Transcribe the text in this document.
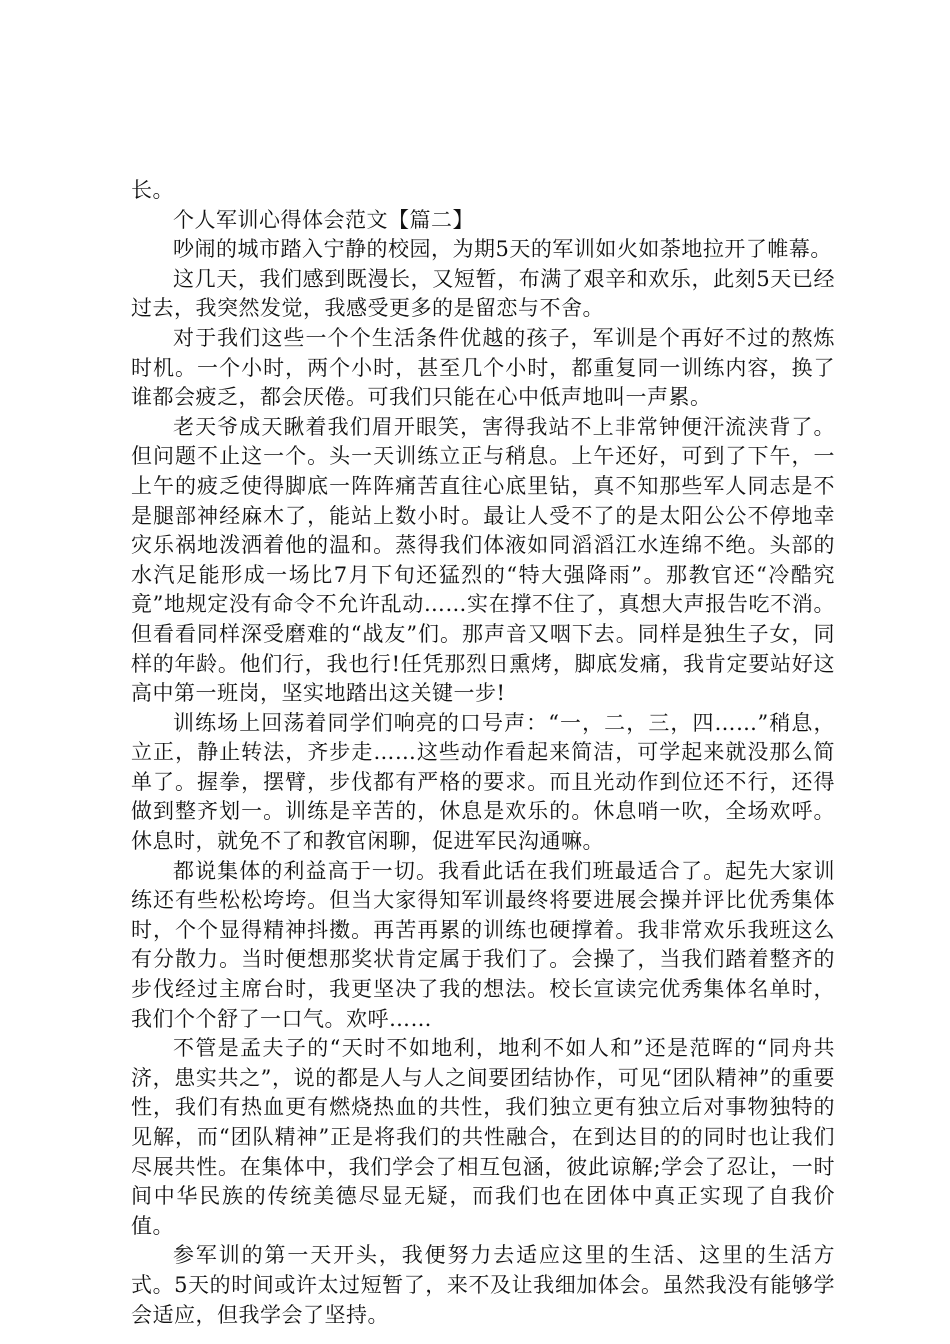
长。

个人军训心得体会范文【篇二】

吵闹的城市踏入宁静的校园，为期5天的军训如火如荼地拉开了帷幕。

这几天，我们感到既漫长，又短暂，布满了艰辛和欢乐，此刻5天已经过去，我突然发觉，我感受更多的是留恋与不舍。

对于我们这些一个个生活条件优越的孩子，军训是个再好不过的熬炼时机。一个小时，两个小时，甚至几个小时，都重复同一训练内容，换了谁都会疲乏，都会厌倦。可我们只能在心中低声地叫一声累。

老天爷成天瞅着我们眉开眼笑，害得我站不上非常钟便汗流浃背了。但问题不止这一个。头一天训练立正与稍息。上午还好，可到了下午，一上午的疲乏使得脚底一阵阵痛苦直往心底里钻，真不知那些军人同志是不是腿部神经麻木了，能站上数小时。最让人受不了的是太阳公公不停地幸灾乐祸地泼洒着他的温和。蒸得我们体液如同滔滔江水连绵不绝。头部的水汽足能形成一场比7月下旬还猛烈的“特大强降雨”。那教官还“冷酷究竟”地规定没有命令不允许乱动……实在撑不住了，真想大声报告吃不消。但看看同样深受磨难的“战友”们。那声音又咽下去。同样是独生子女，同样的年龄。他们行，我也行!任凭那烈日熏烤，脚底发痛，我肯定要站好这高中第一班岗，坚实地踏出这关键一步!

训练场上回荡着同学们响亮的口号声：“一，二，三，四……”稍息，立正，静止转法，齐步走……这些动作看起来简洁，可学起来就没那么简单了。握拳，摆臂，步伐都有严格的要求。而且光动作到位还不行，还得做到整齐划一。训练是辛苦的，休息是欢乐的。休息哨一吹，全场欢呼。休息时，就免不了和教官闲聊，促进军民沟通嘛。

都说集体的利益高于一切。我看此话在我们班最适合了。起先大家训练还有些松松垮垮。但当大家得知军训最终将要进展会操并评比优秀集体时，个个显得精神抖擞。再苦再累的训练也硬撑着。我非常欢乐我班这么有分散力。当时便想那奖状肯定属于我们了。会操了，当我们踏着整齐的步伐经过主席台时，我更坚决了我的想法。校长宣读完优秀集体名单时，我们个个舒了一口气。欢呼……

不管是孟夫子的“天时不如地利，地利不如人和”还是范晖的“同舟共济，患实共之”，说的都是人与人之间要团结协作，可见“团队精神”的重要性，我们有热血更有燃烧热血的共性，我们独立更有独立后对事物独特的见解，而“团队精神”正是将我们的共性融合，在到达目的的同时也让我们尽展共性。在集体中，我们学会了相互包涵，彼此谅解;学会了忍让，一时间中华民族的传统美德尽显无疑，而我们也在团体中真正实现了自我价值。

参军训的第一天开头，我便努力去适应这里的生活、这里的生活方式。5天的时间或许太过短暂了，来不及让我细加体会。虽然我没有能够学会适应，但我学会了坚持。
